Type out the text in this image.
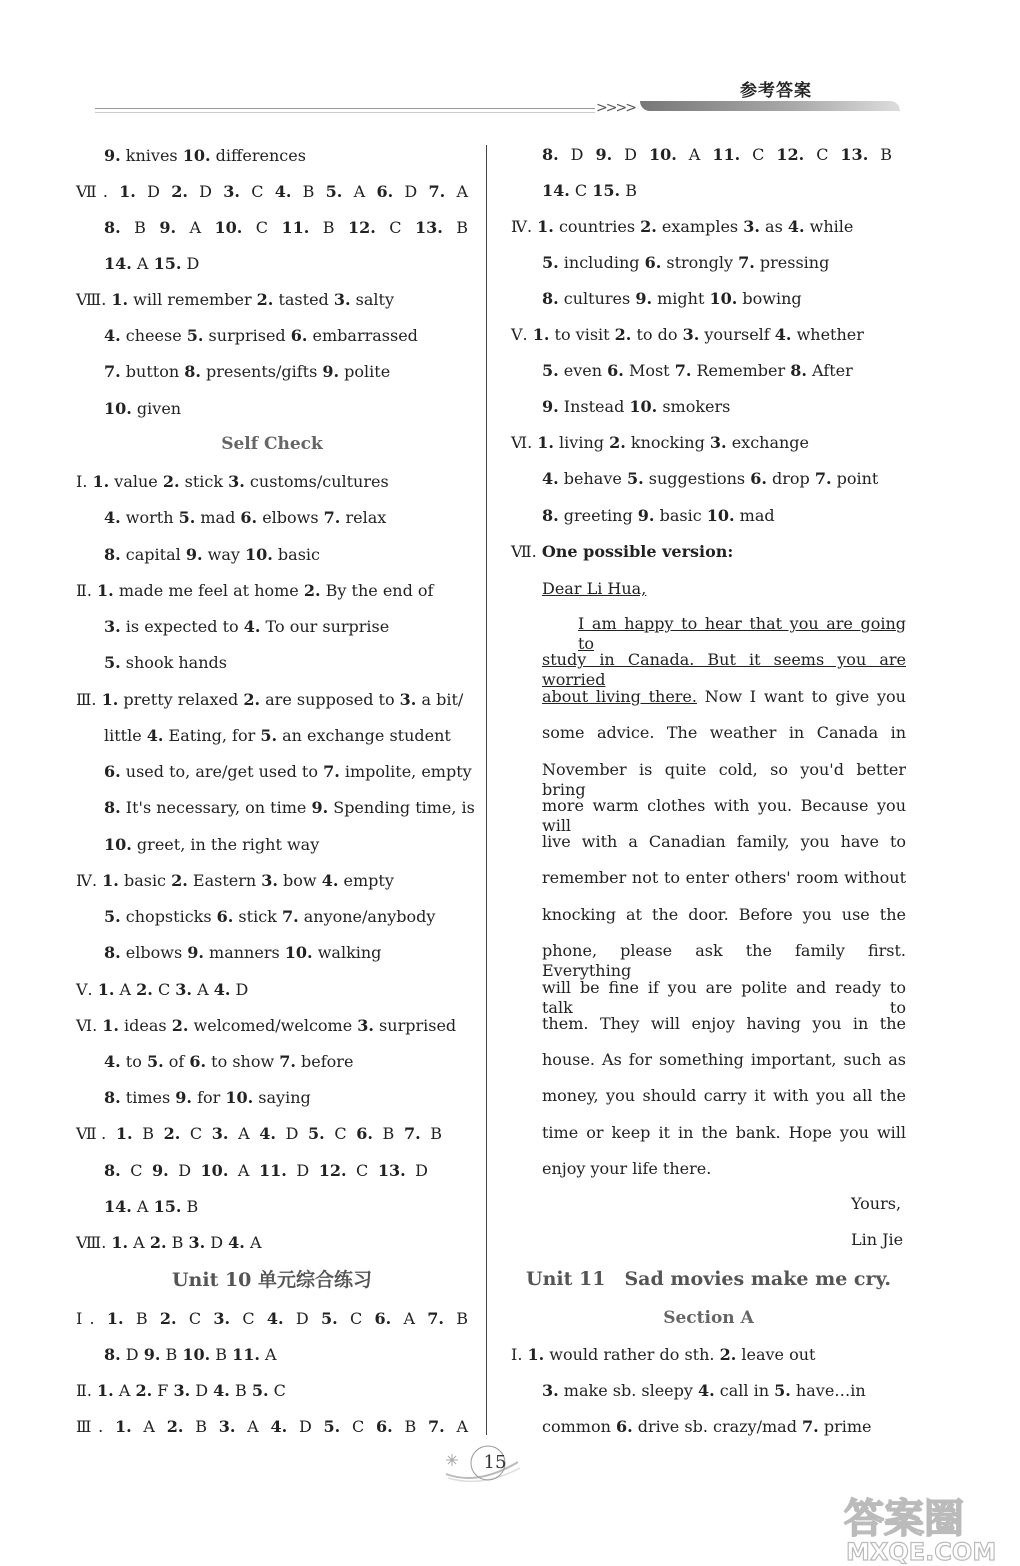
参考答案
>>>>
9. knives 10. differences
Ⅶ. 1. D 2. D 3. C 4. B 5. A 6. D 7. A
8. B 9. A 10. C 11. B 12. C 13. B
14. A 15. D
Ⅷ. 1. will remember 2. tasted 3. salty
4. cheese 5. surprised 6. embarrassed
7. button 8. presents/gifts 9. polite
10. given
Ⅰ. 1. value 2. stick 3. customs/cultures
4. worth 5. mad 6. elbows 7. relax
8. capital 9. way 10. basic
Ⅱ. 1. made me feel at home 2. By the end of
3. is expected to 4. To our surprise
5. shook hands
Ⅲ. 1. pretty relaxed 2. are supposed to 3. a bit/
little 4. Eating, for 5. an exchange student
6. used to, are/get used to 7. impolite, empty
8. It's necessary, on time 9. Spending time, is
10. greet, in the right way
Ⅳ. 1. basic 2. Eastern 3. bow 4. empty
5. chopsticks 6. stick 7. anyone/anybody
8. elbows 9. manners 10. walking
Ⅴ. 1. A 2. C 3. A 4. D
Ⅵ. 1. ideas 2. welcomed/welcome 3. surprised
4. to 5. of 6. to show 7. before
8. times 9. for 10. saying
Ⅶ. 1. B 2. C 3. A 4. D 5. C 6. B 7. B
8. C 9. D 10. A 11. D 12. C 13. D
14. A 15. B
Ⅷ. 1. A 2. B 3. D 4. A
Ⅰ. 1. B 2. C 3. C 4. D 5. C 6. A 7. B
8. D 9. B 10. B 11. A
Ⅱ. 1. A 2. F 3. D 4. B 5. C
Ⅲ. 1. A 2. B 3. A 4. D 5. C 6. B 7. A
Self Check
Unit 10 单元综合练习
8. D 9. D 10. A 11. C 12. C 13. B
14. C 15. B
Ⅳ. 1. countries 2. examples 3. as 4. while
5. including 6. strongly 7. pressing
8. cultures 9. might 10. bowing
Ⅴ. 1. to visit 2. to do 3. yourself 4. whether
5. even 6. Most 7. Remember 8. After
9. Instead 10. smokers
Ⅵ. 1. living 2. knocking 3. exchange
4. behave 5. suggestions 6. drop 7. point
8. greeting 9. basic 10. mad
Ⅶ. One possible version:
Dear Li Hua,
I am happy to hear that you are going to
study in Canada. But it seems you are worried
about living there. Now I want to give you
some advice. The weather in Canada in
November is quite cold, so you'd better bring
more warm clothes with you. Because you will
live with a Canadian family, you have to
remember not to enter others' room without
knocking at the door. Before you use the
phone, please ask the family first. Everything
will be fine if you are polite and ready to talk to
them. They will enjoy having you in the
house. As for something important, such as
money, you should carry it with you all the
time or keep it in the bank. Hope you will
enjoy your life there.
Yours,
Lin Jie
Ⅰ. 1. would rather do sth. 2. leave out
3. make sb. sleepy 4. call in 5. have…in
common 6. drive sb. crazy/mad 7. prime
Unit 11　Sad movies make me cry.
Section A
15
答案圈
MXQE.COM
